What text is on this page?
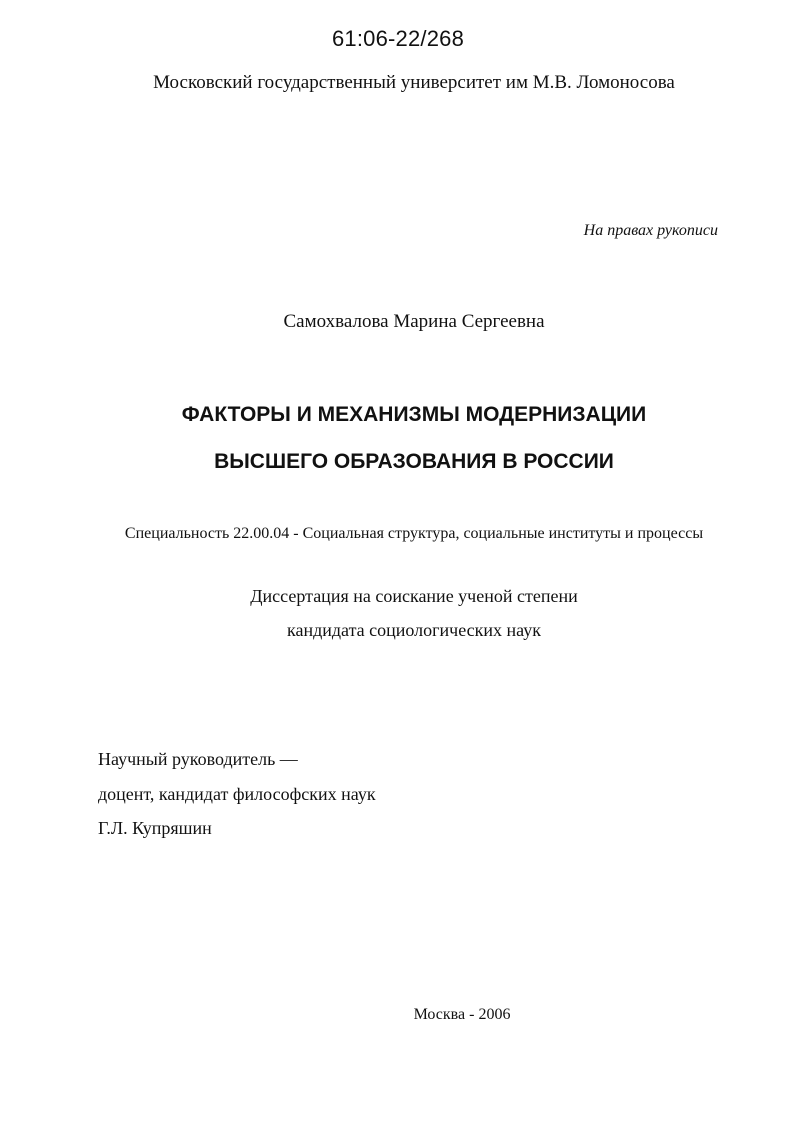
61:06-22/268
Московский государственный университет им М.В. Ломоносова
На правах рукописи
Самохвалова Марина Сергеевна
ФАКТОРЫ И МЕХАНИЗМЫ МОДЕРНИЗАЦИИ
ВЫСШЕГО ОБРАЗОВАНИЯ В РОССИИ
Специальность 22.00.04 - Социальная структура, социальные институты и процессы
Диссертация на соискание ученой степени
кандидата социологических наук
Научный руководитель —
доцент, кандидат философских наук
Г.Л. Купряшин
Москва - 2006
